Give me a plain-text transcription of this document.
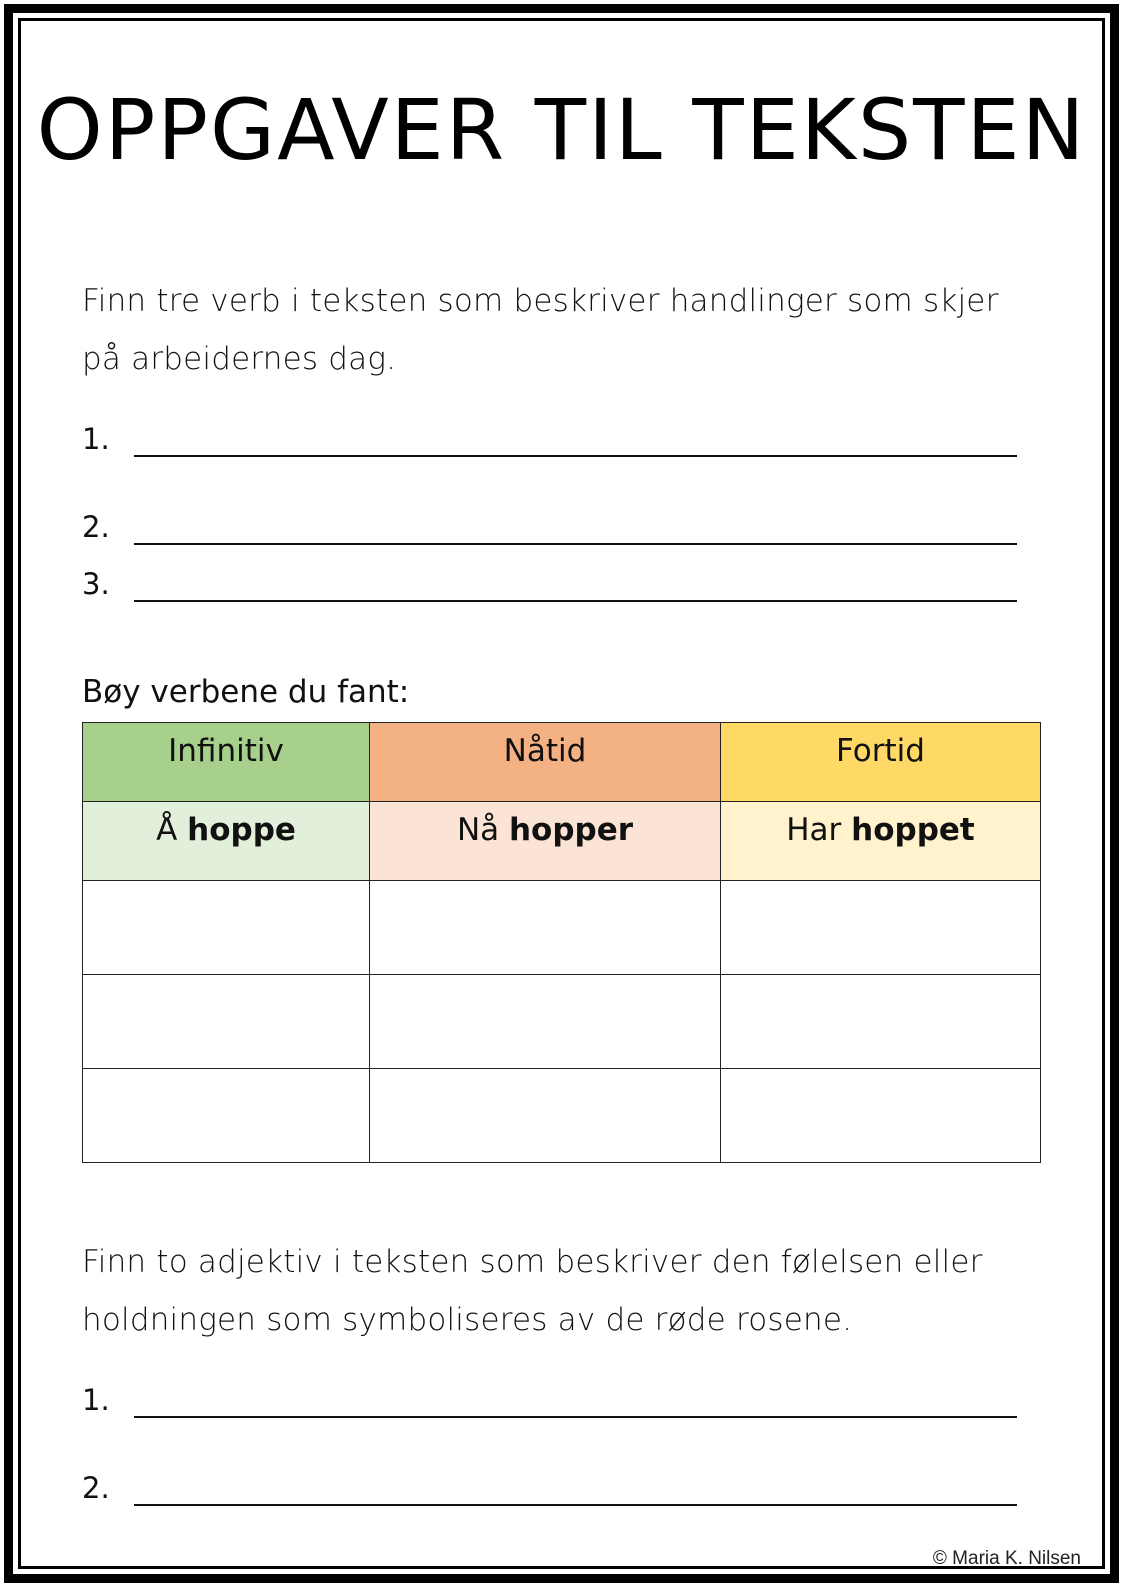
OPPGAVER TIL TEKSTEN

Finn tre verb i teksten som beskriver handlinger som skjer på arbeidernes dag.

1.
2.
3.

Bøy verbene du fant:

Infinitiv	Nåtid	Fortid
Å hoppe	Nå hopper	Har hoppet

Finn to adjektiv i teksten som beskriver den følelsen eller holdningen som symboliseres av de røde rosene.

1.
2.
© Maria K. Nilsen
